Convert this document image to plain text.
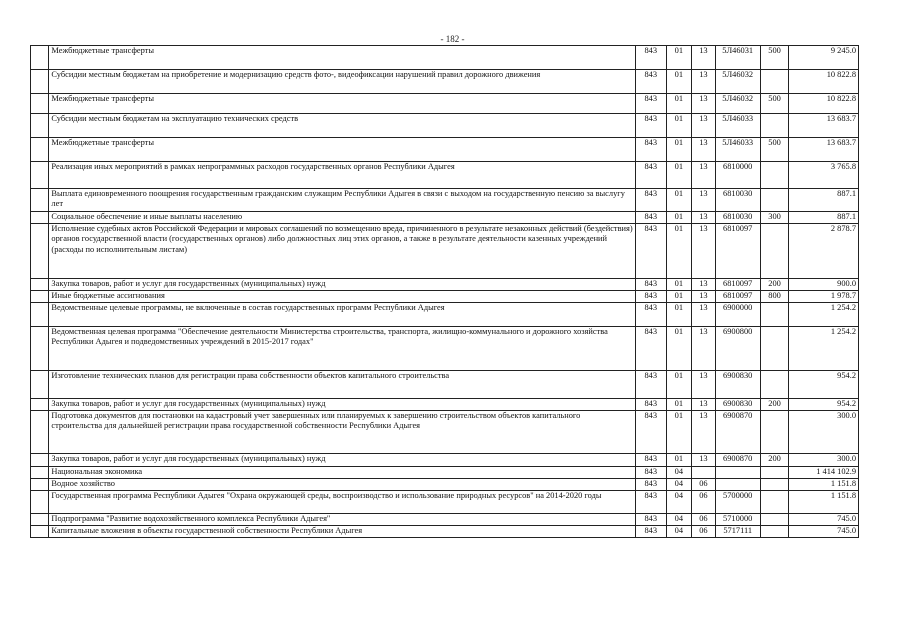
- 182 -
	Межбюджетные трансферты	843	01	13	5Л46031	500	9 245.0
	Субсидии местным бюджетам на приобретение и модернизацию средств фото-, видеофиксации нарушений правил дорожного движения	843	01	13	5Л46032		10 822.8
	Межбюджетные трансферты	843	01	13	5Л46032	500	10 822.8
	Субсидии местным бюджетам на эксплуатацию технических средств	843	01	13	5Л46033		13 683.7
	Межбюджетные трансферты	843	01	13	5Л46033	500	13 683.7
	Реализация иных мероприятий в рамках непрограммных расходов государственных органов Республики Адыгея	843	01	13	6810000		3 765.8
	Выплата единовременного поощрения государственным гражданским служащим Республики Адыгея в связи с выходом на государственную пенсию за выслугу лет	843	01	13	6810030		887.1
	Социальное обеспечение и иные выплаты населению	843	01	13	6810030	300	887.1
	Исполнение судебных актов Российской Федерации и мировых соглашений по возмещению вреда, причиненного в результате незаконных действий (бездействия) органов государственной власти (государственных органов) либо должностных лиц этих органов, а также в результате деятельности казенных учреждений (расходы по исполнительным листам)	843	01	13	6810097		2 878.7
	Закупка товаров, работ и услуг для государственных (муниципальных) нужд	843	01	13	6810097	200	900.0
	Иные бюджетные ассигнования	843	01	13	6810097	800	1 978.7
	Ведомственные целевые программы, не включенные в состав государственных программ Республики Адыгея	843	01	13	6900000		1 254.2
	Ведомственная целевая программа "Обеспечение деятельности Министерства строительства, транспорта, жилищно-коммунального и дорожного хозяйства Республики Адыгея и подведомственных учреждений в 2015-2017 годах"	843	01	13	6900800		1 254.2
	Изготовление технических планов для регистрации права собственности объектов капитального строительства	843	01	13	6900830		954.2
	Закупка товаров, работ и услуг для государственных (муниципальных) нужд	843	01	13	6900830	200	954.2
	Подготовка документов для постановки на кадастровый учет завершенных или планируемых к завершению строительством объектов капитального строительства для дальнейшей регистрации права государственной собственности Республики Адыгея	843	01	13	6900870		300.0
	Закупка товаров, работ и услуг для государственных (муниципальных) нужд	843	01	13	6900870	200	300.0
	Национальная экономика	843	04				1 414 102.9
	Водное хозяйство	843	04	06			1 151.8
	Государственная программа Республики Адыгея "Охрана окружающей среды, воспроизводство и использование природных ресурсов" на 2014-2020 годы	843	04	06	5700000		1 151.8
	Подпрограмма "Развитие водохозяйственного комплекса Республики Адыгея"	843	04	06	5710000		745.0
	Капитальные вложения в объекты государственной собственности Республики Адыгея	843	04	06	5717111		745.0
